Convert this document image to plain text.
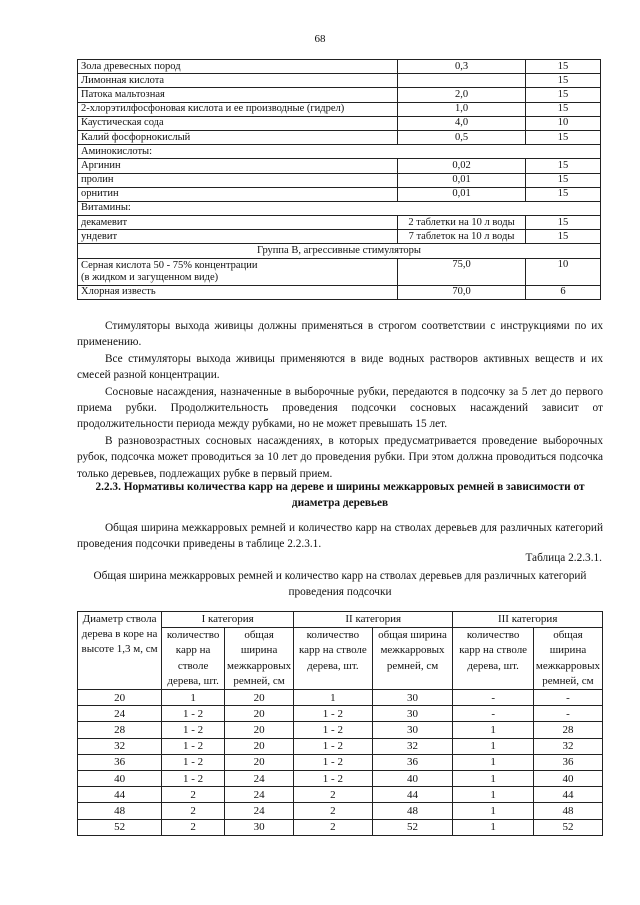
68
Зола древесных пород	0,3	15
Лимонная кислота		15
Патока мальтозная	2,0	15
2-хлорэтилфосфоновая кислота и ее производные (гидрел)	1,0	15
Каустическая сода	4,0	10
Калий фосфорнокислый	0,5	15
Аминокислоты:		
Аргинин	0,02	15
пролин	0,01	15
орнитин	0,01	15
Витамины:		
декамевит	2 таблетки на 10 л воды	15
ундевит	7 таблеток на 10 л воды	15
Группа В, агрессивные стимуляторы		
Серная кислота 50 - 75% концентрации
(в жидком и загущенном виде)	75,0	10
Хлорная известь	70,0	6

Стимуляторы выхода живицы должны применяться в строгом соответствии с инструкциями по их применению.

Все стимуляторы выхода живицы применяются в виде водных растворов активных веществ и их смесей разной концентрации.

Сосновые насаждения, назначенные в выборочные рубки, передаются в подсочку за 5 лет до первого приема рубки. Продолжительность проведения подсочки сосновых насаждений зависит от продолжительности периода между рубками, но не может превышать 15 лет.

В разновозрастных сосновых насаждениях, в которых предусматривается проведение выборочных рубок, подсочка может проводиться за 10 лет до проведения рубки. При этом должна проводиться подсочка только деревьев, подлежащих рубке в первый прием.

2.2.3. Нормативы количества карр на дереве и ширины межкарровых ремней в зависимости от диаметра деревьев

Общая ширина межкарровых ремней и количество карр на стволах деревьев для различных категорий проведения подсочки приведены в таблице 2.2.3.1.

Таблица 2.2.3.1.
Общая ширина межкарровых ремней и количество карр на стволах деревьев для различных категорий проведения подсочки
Диаметр ствола дерева в коре на высоте 1,3 м, см	I категория		II категория		III категория	
	количество карр на стволе дерева, шт.	общая ширина межкарровых ремней, см	количество карр на стволе дерева, шт.	общая ширина межкарровых ремней, см	количество карр на стволе дерева, шт.	общая ширина межкарровых ремней, см
20	1	20	1	30	-	-
24	1 - 2	20	1 - 2	30	-	-
28	1 - 2	20	1 - 2	30	1	28
32	1 - 2	20	1 - 2	32	1	32
36	1 - 2	20	1 - 2	36	1	36
40	1 - 2	24	1 - 2	40	1	40
44	2	24	2	44	1	44
48	2	24	2	48	1	48
52	2	30	2	52	1	52
